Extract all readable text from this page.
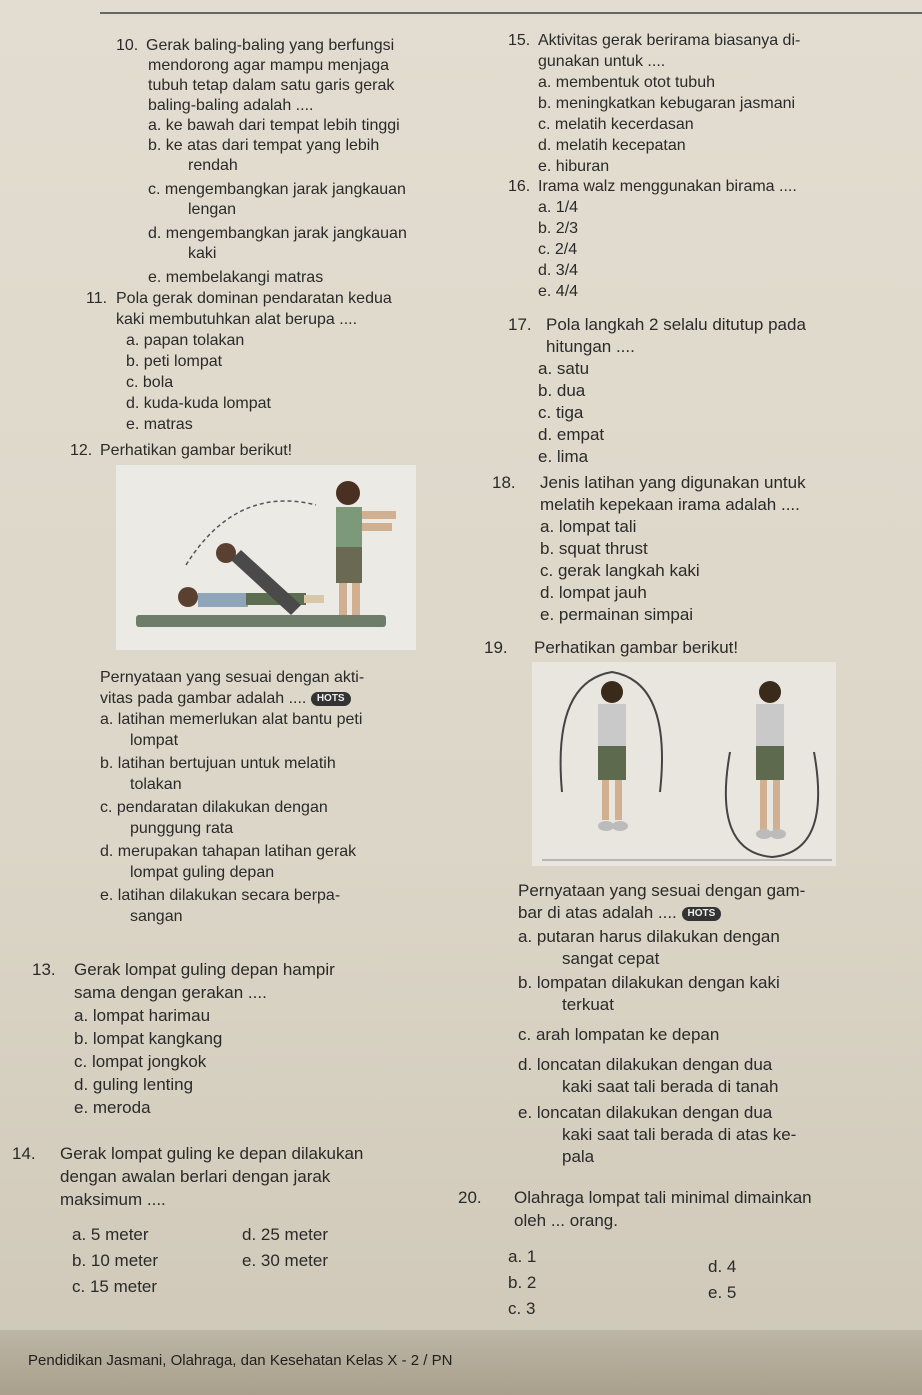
10. Gerak baling-baling yang berfungsi
mendorong agar mampu menjaga
tubuh tetap dalam satu garis gerak
baling-baling adalah ....
a. ke bawah dari tempat lebih tinggi
b. ke atas dari tempat yang lebih
rendah
c. mengembangkan jarak jangkauan
lengan
d. mengembangkan jarak jangkauan
kaki
e. membelakangi matras
11. Pola gerak dominan pendaratan kedua
kaki membutuhkan alat berupa ....
a. papan tolakan
b. peti lompat
c. bola
d. kuda-kuda lompat
e. matras
12. Perhatikan gambar berikut!
Pernyataan yang sesuai dengan akti-
vitas pada gambar adalah .... HOTS
a. latihan memerlukan alat bantu peti
lompat
b. latihan bertujuan untuk melatih
tolakan
c. pendaratan dilakukan dengan
punggung rata
d. merupakan tahapan latihan gerak
lompat guling depan
e. latihan dilakukan secara berpa-
sangan
13. Gerak lompat guling depan hampir
sama dengan gerakan ....
a. lompat harimau
b. lompat kangkang
c. lompat jongkok
d. guling lenting
e. meroda
14. Gerak lompat guling ke depan dilakukan
dengan awalan berlari dengan jarak
maksimum ....
a. 5 meter	d. 25 meter
b. 10 meter	e. 30 meter
c. 15 meter
15. Aktivitas gerak berirama biasanya di-
gunakan untuk ....
a. membentuk otot tubuh
b. meningkatkan kebugaran jasmani
c. melatih kecerdasan
d. melatih kecepatan
e. hiburan
16. Irama walz menggunakan birama ....
a. 1/4
b. 2/3
c. 2/4
d. 3/4
e. 4/4
17. Pola langkah 2 selalu ditutup pada
hitungan ....
a. satu
b. dua
c. tiga
d. empat
e. lima
18. Jenis latihan yang digunakan untuk
melatih kepekaan irama adalah ....
a. lompat tali
b. squat thrust
c. gerak langkah kaki
d. lompat jauh
e. permainan simpai
19. Perhatikan gambar berikut!
Pernyataan yang sesuai dengan gam-
bar di atas adalah .... HOTS
a. putaran harus dilakukan dengan
sangat cepat
b. lompatan dilakukan dengan kaki
terkuat
c. arah lompatan ke depan
d. loncatan dilakukan dengan dua
kaki saat tali berada di tanah
e. loncatan dilakukan dengan dua
kaki saat tali berada di atas ke-
pala
20. Olahraga lompat tali minimal dimainkan
oleh ... orang.
a. 1
b. 2
d. 4
c. 3
e. 5
Pendidikan Jasmani, Olahraga, dan Kesehatan Kelas X - 2 / PN
